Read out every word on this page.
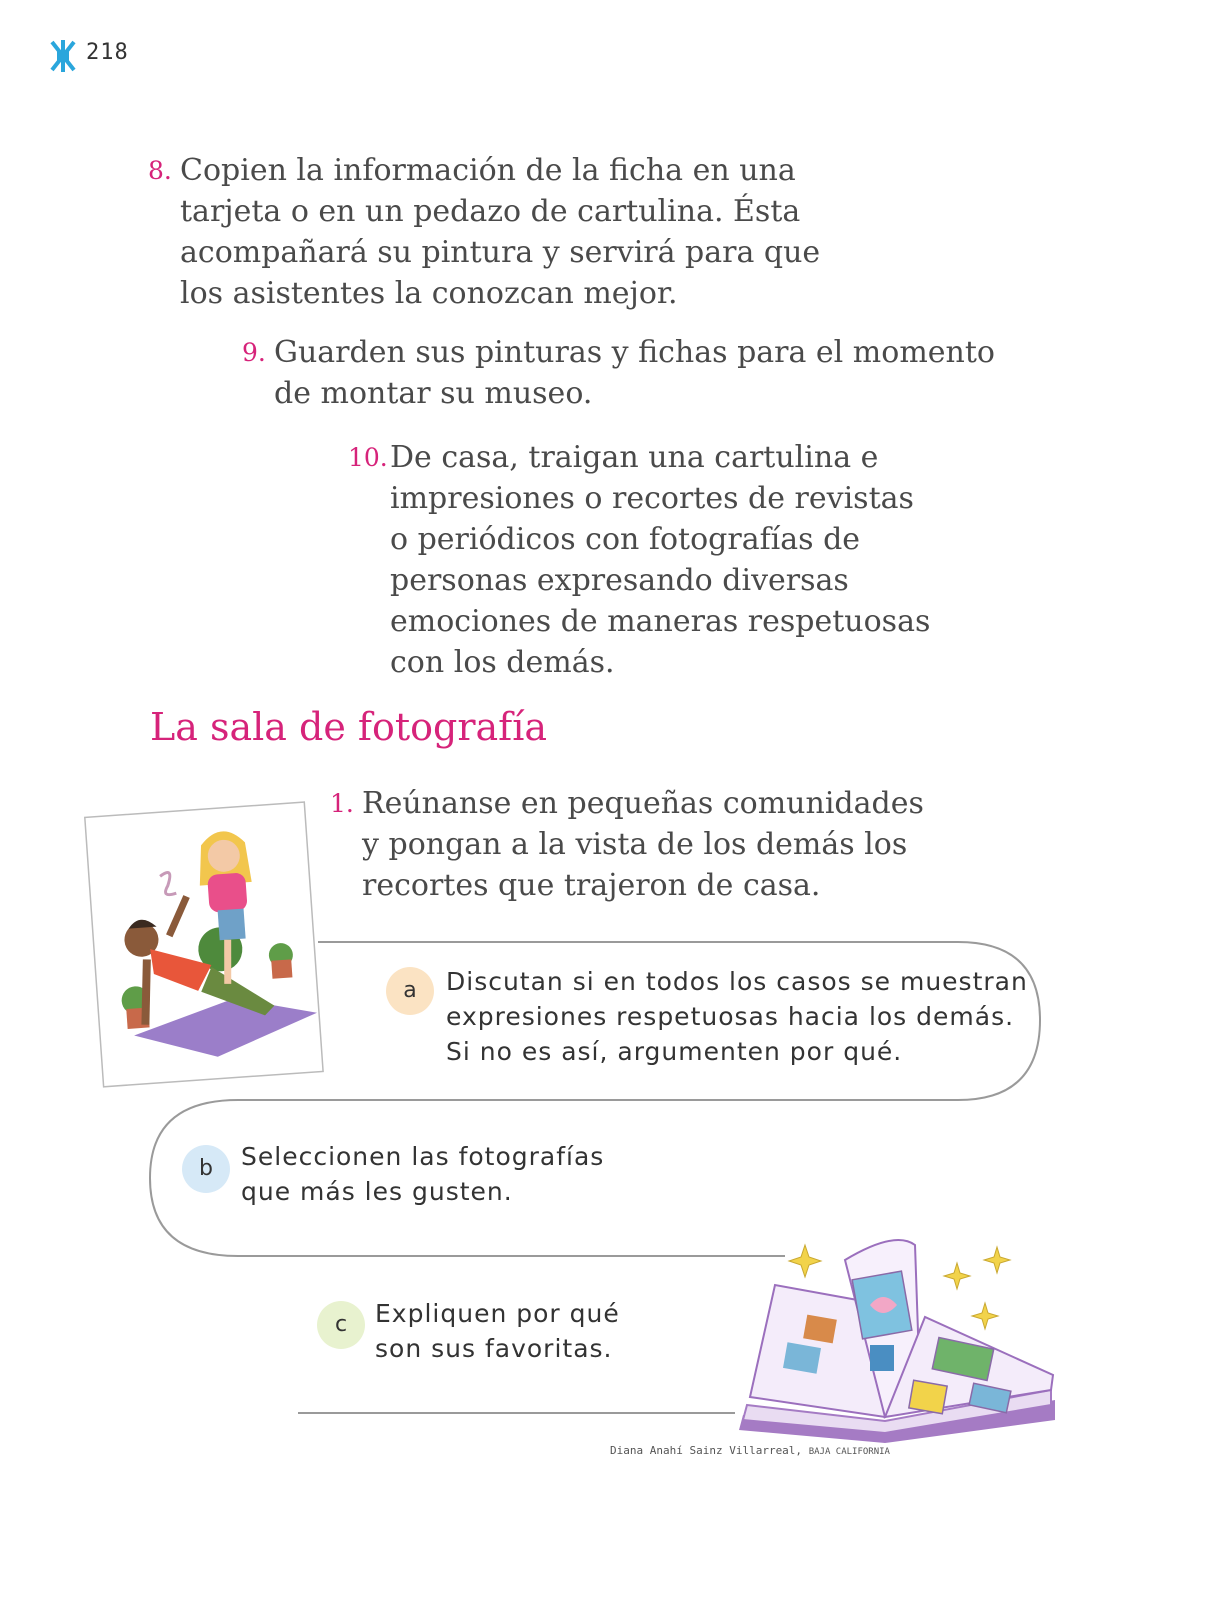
218
8. Copien la información de la ficha en una
tarjeta o en un pedazo de cartulina. Ésta
acompañará su pintura y servirá para que
los asistentes la conozcan mejor.
9. Guarden sus pinturas y fichas para el momento
de montar su museo.
10. De casa, traigan una cartulina e
impresiones o recortes de revistas
o periódicos con fotografías de
personas expresando diversas
emociones de maneras respetuosas
con los demás.
La sala de fotografía
1. Reúnanse en pequeñas comunidades
y pongan a la vista de los demás los
recortes que trajeron de casa.
a	Discutan si en todos los casos se muestran
expresiones respetuosas hacia los demás.
Si no es así, argumenten por qué.
b	Seleccionen las fotografías
que más les gusten.
c	Expliquen por qué
son sus favoritas.
Diana Anahí Sainz Villarreal, BAJA CALIFORNIA
